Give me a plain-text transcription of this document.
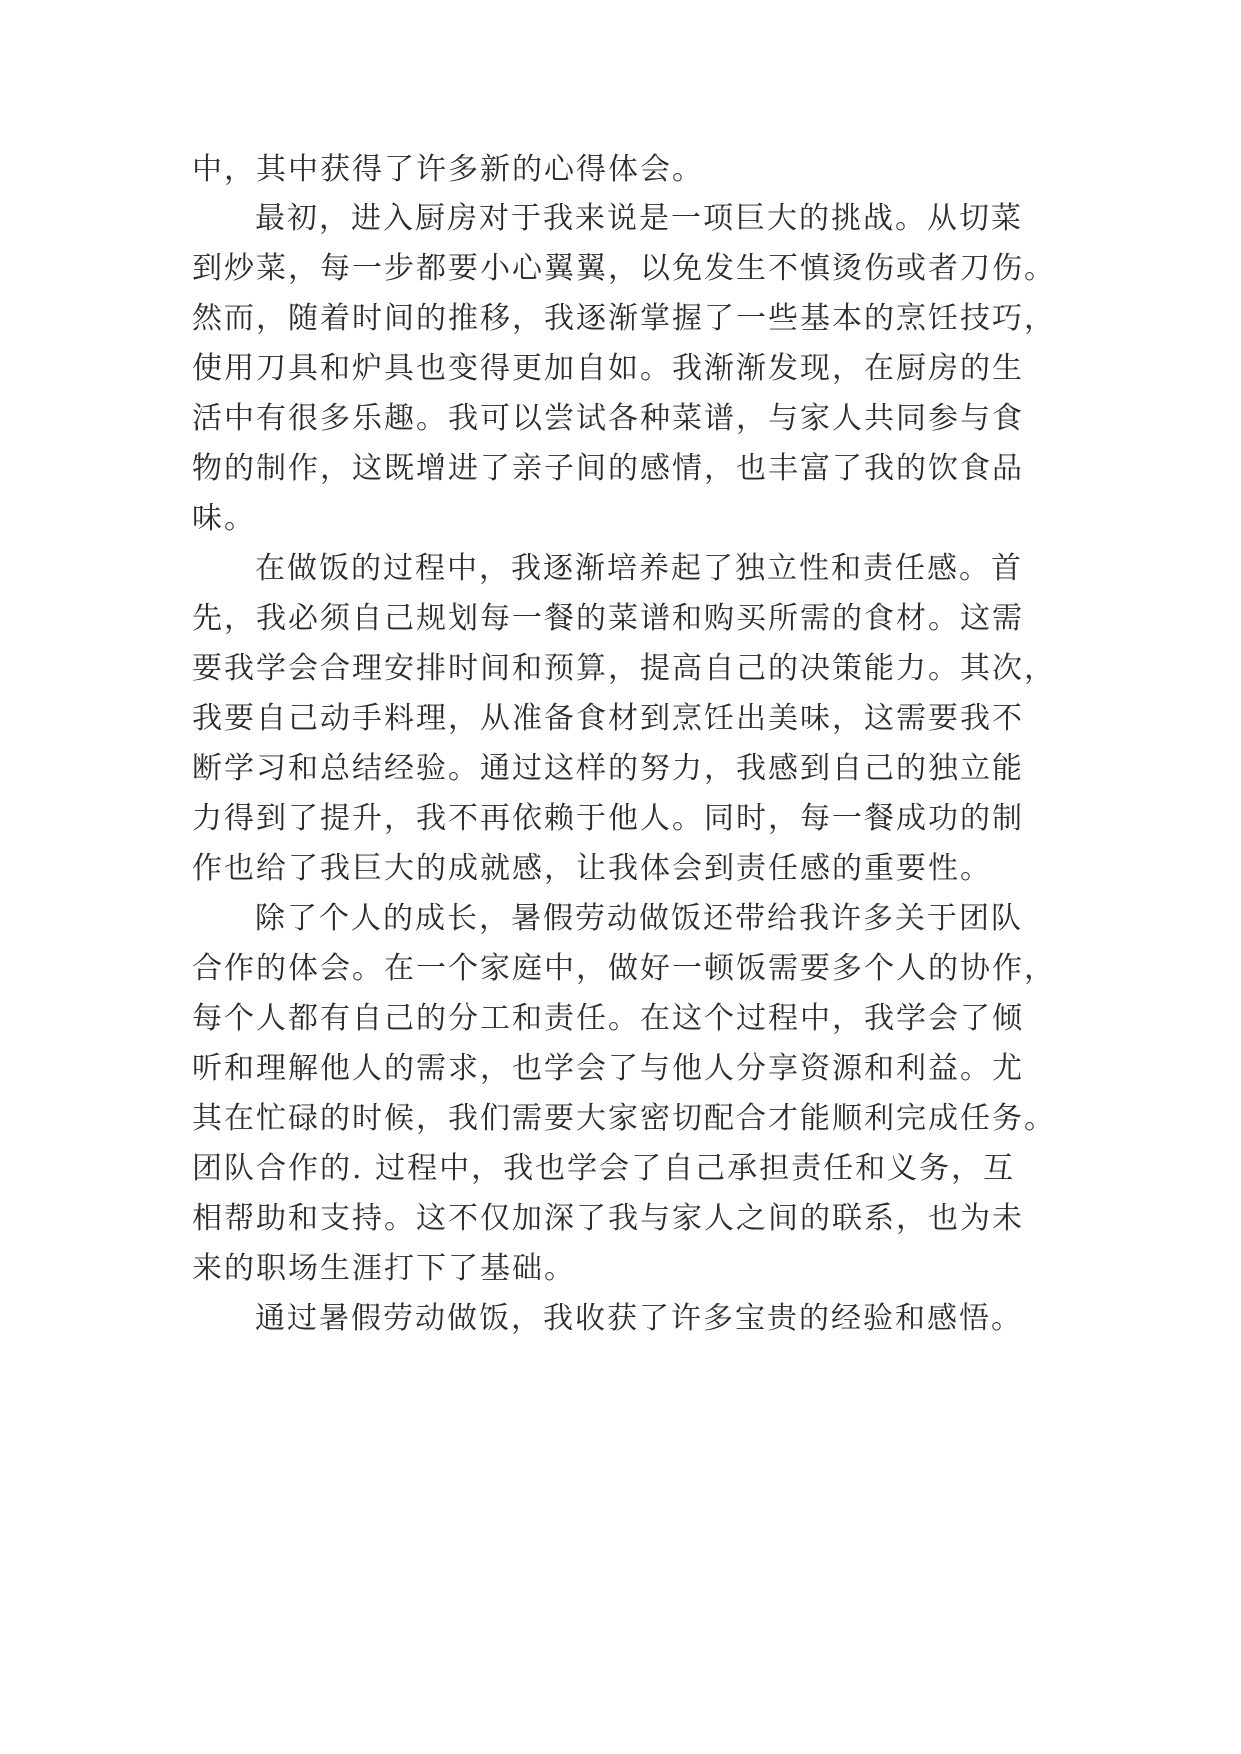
中，其中获得了许多新的心得体会。
最初，进入厨房对于我来说是一项巨大的挑战。从切菜
到炒菜，每一步都要小心翼翼，以免发生不慎烫伤或者刀伤。
然而，随着时间的推移，我逐渐掌握了一些基本的烹饪技巧，
使用刀具和炉具也变得更加自如。我渐渐发现，在厨房的生
活中有很多乐趣。我可以尝试各种菜谱，与家人共同参与食
物的制作，这既增进了亲子间的感情，也丰富了我的饮食品
味。
在做饭的过程中，我逐渐培养起了独立性和责任感。首
先，我必须自己规划每一餐的菜谱和购买所需的食材。这需
要我学会合理安排时间和预算，提高自己的决策能力。其次，
我要自己动手料理，从准备食材到烹饪出美味，这需要我不
断学习和总结经验。通过这样的努力，我感到自己的独立能
力得到了提升，我不再依赖于他人。同时，每一餐成功的制
作也给了我巨大的成就感，让我体会到责任感的重要性。
除了个人的成长，暑假劳动做饭还带给我许多关于团队
合作的体会。在一个家庭中，做好一顿饭需要多个人的协作，
每个人都有自己的分工和责任。在这个过程中，我学会了倾
听和理解他人的需求，也学会了与他人分享资源和利益。尤
其在忙碌的时候，我们需要大家密切配合才能顺利完成任务。
团队合作的. 过程中，我也学会了自己承担责任和义务，互
相帮助和支持。这不仅加深了我与家人之间的联系，也为未
来的职场生涯打下了基础。
通过暑假劳动做饭，我收获了许多宝贵的经验和感悟。
